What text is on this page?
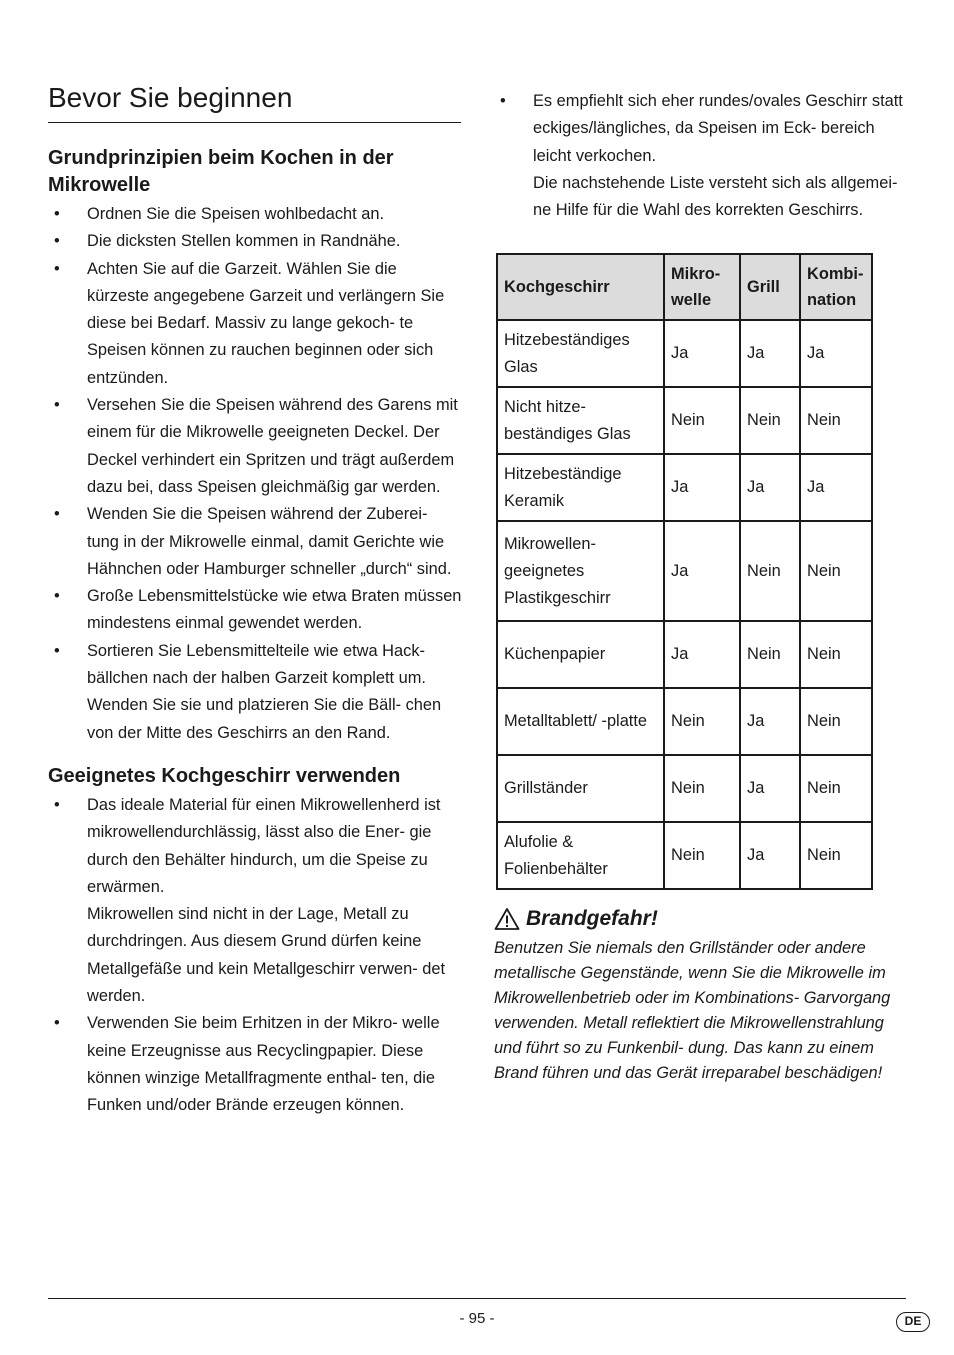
Bevor Sie beginnen
Grundprinzipien beim Kochen in der Mikrowelle
• Ordnen Sie die Speisen wohlbedacht an.

• Die dicksten Stellen kommen in Randnähe.

• Achten Sie auf die Garzeit. Wählen Sie die kürzeste angegebene Garzeit und verlängern Sie diese bei Bedarf. Massiv zu lange gekoch- te Speisen können zu rauchen beginnen oder sich entzünden.

• Versehen Sie die Speisen während des Garens mit einem für die Mikrowelle geeigneten Deckel. Der Deckel verhindert ein Spritzen und trägt außerdem dazu bei, dass Speisen gleichmäßig gar werden.

• Wenden Sie die Speisen während der Zuberei- tung in der Mikrowelle einmal, damit Gerichte wie Hähnchen oder Hamburger schneller „durch“ sind.

• Große Lebensmittelstücke wie etwa Braten müssen mindestens einmal gewendet werden.

• Sortieren Sie Lebensmittelteile wie etwa Hack- bällchen nach der halben Garzeit komplett um. Wenden Sie sie und platzieren Sie die Bäll- chen von der Mitte des Geschirrs an den Rand.

Geeignetes Kochgeschirr verwenden
• Das ideale Material für einen Mikrowellenherd ist mikrowellendurchlässig, lässt also die Ener- gie durch den Behälter hindurch, um die Speise zu erwärmen.

Mikrowellen sind nicht in der Lage, Metall zu durchdringen. Aus diesem Grund dürfen keine Metallgefäße und kein Metallgeschirr verwen- det werden.

• Verwenden Sie beim Erhitzen in der Mikro- welle keine Erzeugnisse aus Recyclingpapier. Diese können winzige Metallfragmente enthal- ten, die Funken und/oder Brände erzeugen können.

• Es empfiehlt sich eher rundes/ovales Geschirr statt eckiges/längliches, da Speisen im Eck- bereich leicht verkochen.

Die nachstehende Liste versteht sich als allgemei- ne Hilfe für die Wahl des korrekten Geschirrs.

Kochgeschirr	Mikro- welle	Grill	Kombi- nation
Hitzebeständiges Glas	Ja	Ja	Ja
Nicht hitze- beständiges Glas	Nein	Nein	Nein
Hitzebeständige Keramik	Ja	Ja	Ja
Mikrowellen- geeignetes Plastikgeschirr	Ja	Nein	Nein
Küchenpapier	Ja	Nein	Nein
Metalltablett/ -platte	Nein	Ja	Nein
Grillständer	Nein	Ja	Nein
Alufolie & Folienbehälter	Nein	Ja	Nein
Brandgefahr!

Benutzen Sie niemals den Grillständer oder andere metallische Gegenstände, wenn Sie die Mikrowelle im Mikrowellenbetrieb oder im Kombinations- Garvorgang verwenden. Metall reflektiert die Mikrowellenstrahlung und führt so zu Funkenbil- dung. Das kann zu einem Brand führen und das Gerät irreparabel beschädigen!

- 95 -	DE
